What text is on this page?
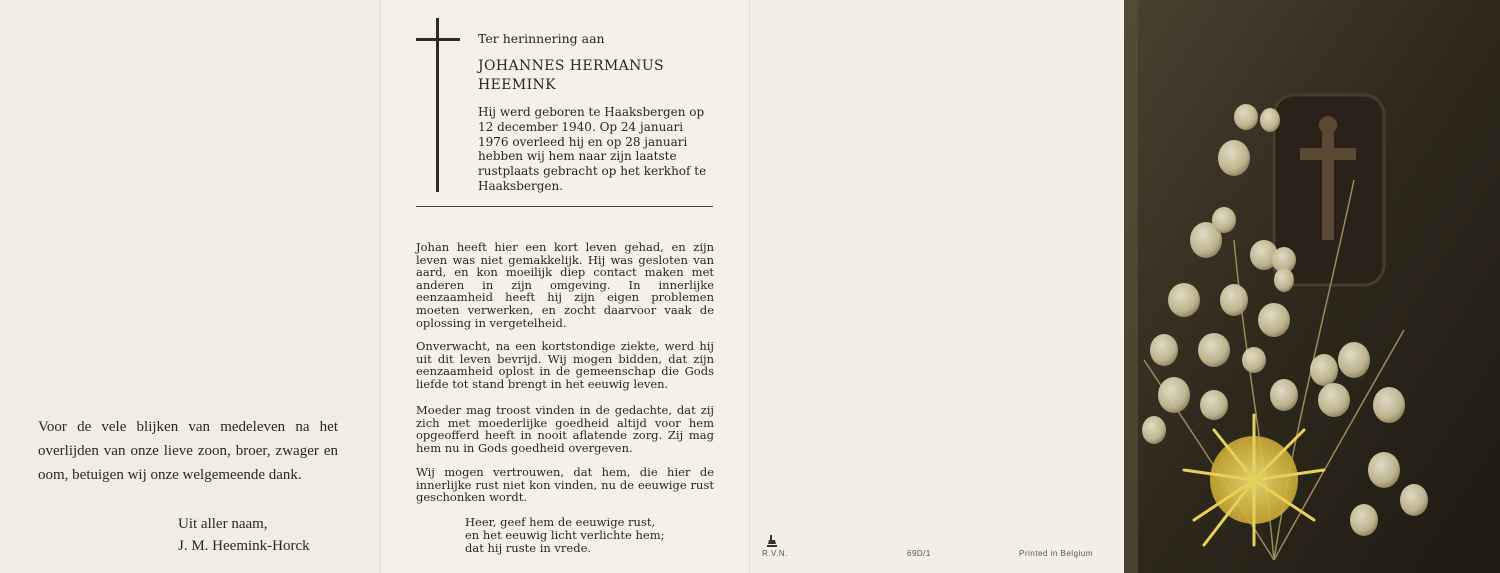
Voor de vele blijken van medeleven na het overlijden van onze lieve zoon, broer, zwager en oom, betuigen wij onze welgemeende dank.
Uit aller naam,
J. M. Heemink-Horck
Ter herinnering aan
JOHANNES HERMANUS
HEEMINK
Hij werd geboren te Haaksbergen op 12 december 1940. Op 24 januari 1976 overleed hij en op 28 januari hebben wij hem naar zijn laatste rustplaats gebracht op het kerkhof te Haaksbergen.
Johan heeft hier een kort leven gehad, en zijn leven was niet gemakkelijk. Hij was gesloten van aard, en kon moeilijk diep contact maken met anderen in zijn omgeving. In innerlijke eenzaamheid heeft hij zijn eigen problemen moeten verwerken, en zocht daarvoor vaak de oplossing in vergetelheid.
Onverwacht, na een kortstondige ziekte, werd hij uit dit leven bevrijd. Wij mogen bidden, dat zijn eenzaamheid oplost in de gemeenschap die Gods liefde tot stand brengt in het eeuwig leven.
Moeder mag troost vinden in de gedachte, dat zij zich met moederlijke goedheid altijd voor hem opgeofferd heeft in nooit aflatende zorg. Zij mag hem nu in Gods goedheid overgeven.
Wij mogen vertrouwen, dat hem, die hier de innerlijke rust niet kon vinden, nu de eeuwige rust geschonken wordt.
Heer, geef hem de eeuwige rust,
en het eeuwig licht verlichte hem;
dat hij ruste in vrede.	R.V.N.	69D/1	Printed in Belgium
